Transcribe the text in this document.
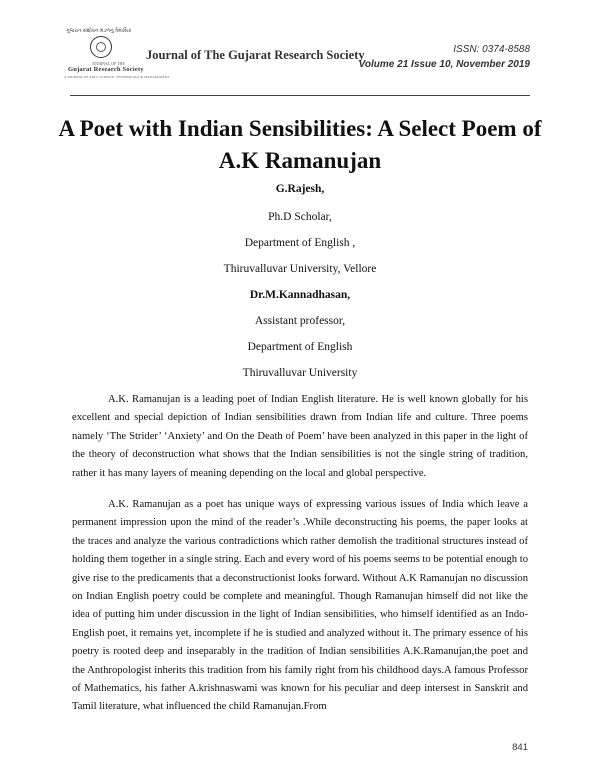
ગુજરાત સંશોધન મંડળનું ત્રૈમાસિક
JOURNAL OF THE
Gujarat Research Society
A JOURNAL OF ARTS, SCIENCE, TECHNOLOGY & MANAGEMENT
Journal of The Gujarat Research Society	ISSN: 0374-8588
Volume 21 Issue 10, November 2019
A Poet with Indian Sensibilities: A Select Poem of A.K Ramanujan
G.Rajesh,
Ph.D Scholar,
Department of English ,
Thiruvalluvar University, Vellore
Dr.M.Kannadhasan,
Assistant professor,
Department of English
Thiruvalluvar University
A.K. Ramanujan is a leading poet of Indian English literature. He is well known globally for his excellent and special depiction of Indian sensibilities drawn from Indian life and culture. Three poems namely ‘The Strider’ ‘Anxiety’ and On the Death of Poem’ have been analyzed in this paper in the light of the theory of deconstruction what shows that the Indian sensibilities is not the single string of tradition, rather it has many layers of meaning depending on the local and global perspective.
A.K. Ramanujan as a poet has unique ways of expressing various issues of India which leave a permanent impression upon the mind of the reader’s .While deconstructing his poems, the paper looks at the traces and analyze the various contradictions which rather demolish the traditional structures instead of holding them together in a single string. Each and every word of his poems seems to be potential enough to give rise to the predicaments that a deconstructionist looks forward. Without A.K Ramanujan no discussion on Indian English poetry could be complete and meaningful. Though Ramanujan himself did not like the idea of putting him under discussion in the light of Indian sensibilities, who himself identified as an Indo-English poet, it remains yet, incomplete if he is studied and analyzed without it. The primary essence of his poetry is rooted deep and inseparably in the tradition of Indian sensibilities A.K.Ramanujan,the poet and the Anthropologist inherits this tradition from his family right from his childhood days.A famous Professor of Mathematics, his father A.krishnaswami was known for his peculiar and deep intersest in Sanskrit and Tamil literature, what influenced the child Ramanujan.From
841
